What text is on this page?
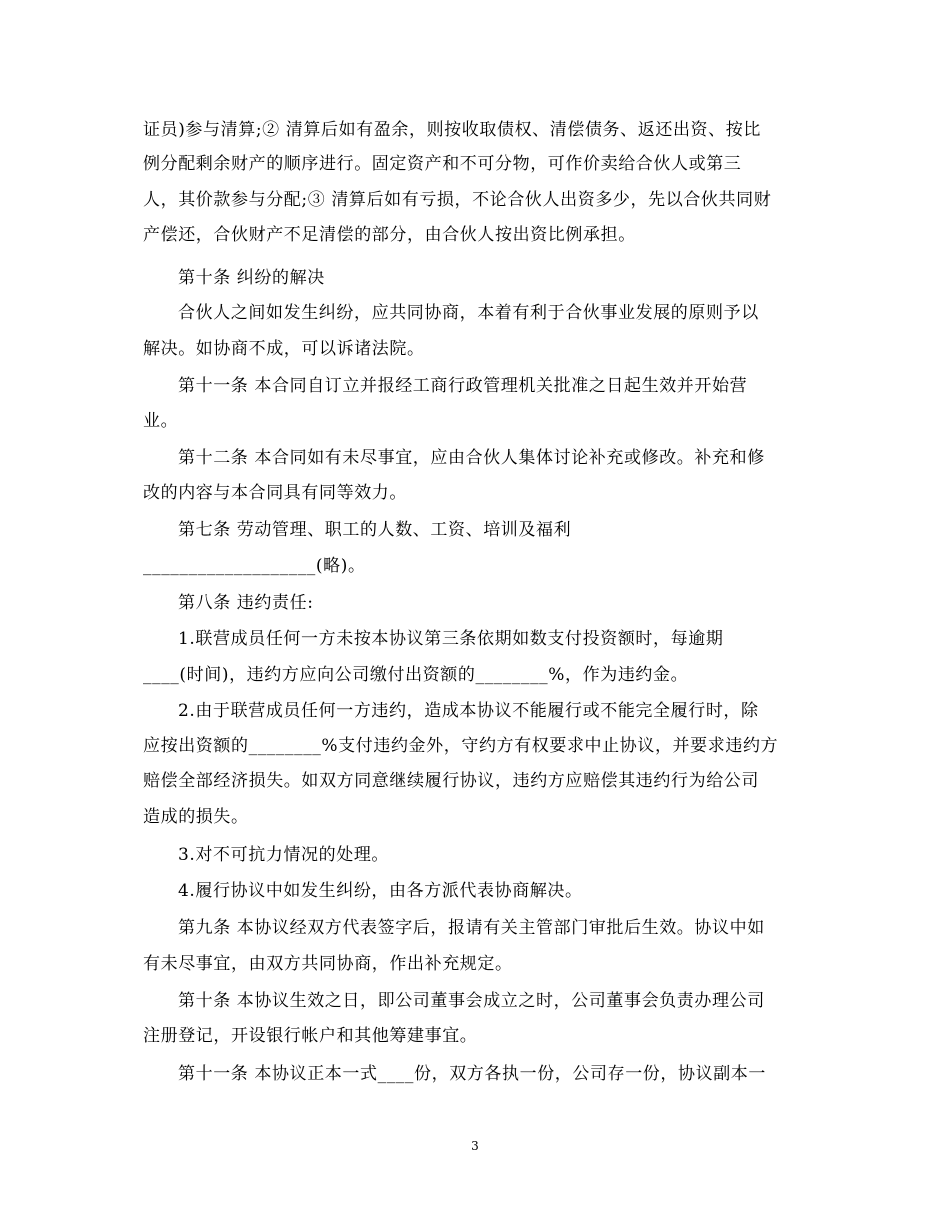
证员)参与清算;② 清算后如有盈余，则按收取债权、清偿债务、返还出资、按比
例分配剩余财产的顺序进行。固定资产和不可分物，可作价卖给合伙人或第三
人，其价款参与分配;③ 清算后如有亏损，不论合伙人出资多少，先以合伙共同财
产偿还，合伙财产不足清偿的部分，由合伙人按出资比例承担。
第十条 纠纷的解决
合伙人之间如发生纠纷，应共同协商，本着有利于合伙事业发展的原则予以
解决。如协商不成，可以诉诸法院。
第十一条 本合同自订立并报经工商行政管理机关批准之日起生效并开始营
业。
第十二条 本合同如有未尽事宜，应由合伙人集体讨论补充或修改。补充和修
改的内容与本合同具有同等效力。
第七条 劳动管理、职工的人数、工资、培训及福利
___________________(略)。
第八条 违约责任:
1.联营成员任何一方未按本协议第三条依期如数支付投资额时，每逾期
____(时间)，违约方应向公司缴付出资额的________%，作为违约金。
2.由于联营成员任何一方违约，造成本协议不能履行或不能完全履行时，除
应按出资额的________%支付违约金外，守约方有权要求中止协议，并要求违约方
赔偿全部经济损失。如双方同意继续履行协议，违约方应赔偿其违约行为给公司
造成的损失。
3.对不可抗力情况的处理。
4.履行协议中如发生纠纷，由各方派代表协商解决。
第九条 本协议经双方代表签字后，报请有关主管部门审批后生效。协议中如
有未尽事宜，由双方共同协商，作出补充规定。
第十条 本协议生效之日，即公司董事会成立之时，公司董事会负责办理公司
注册登记，开设银行帐户和其他筹建事宜。
第十一条 本协议正本一式____份，双方各执一份，公司存一份，协议副本一
3
